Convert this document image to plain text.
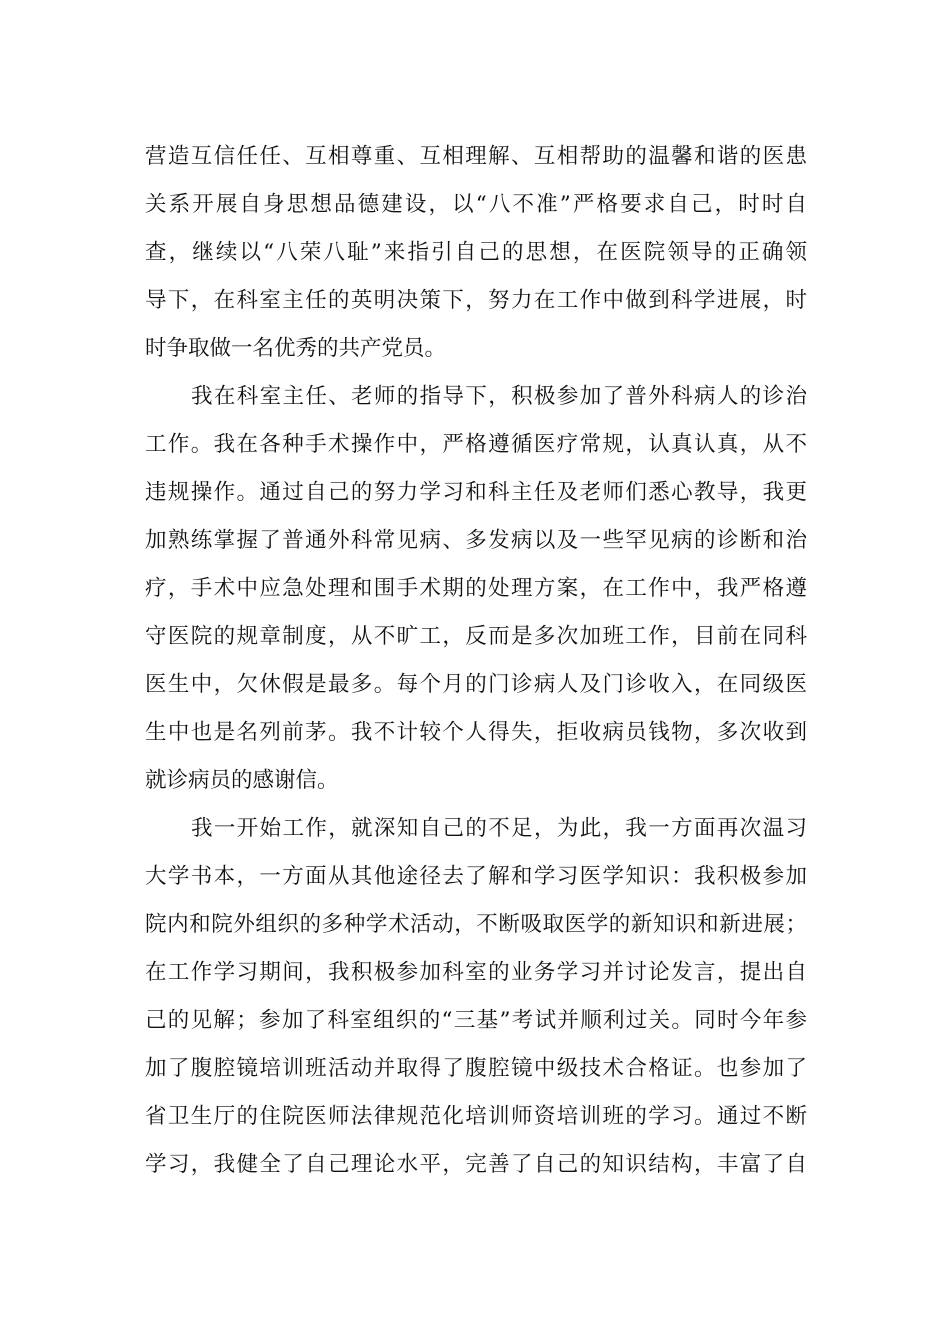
营造互信任任、互相尊重、互相理解、互相帮助的温馨和谐的医患
关系开展自身思想品德建设，以“八不准”严格要求自己，时时自
查，继续以“八荣八耻”来指引自己的思想，在医院领导的正确领
导下，在科室主任的英明决策下，努力在工作中做到科学进展，时
时争取做一名优秀的共产党员。
我在科室主任、老师的指导下，积极参加了普外科病人的诊治
工作。我在各种手术操作中，严格遵循医疗常规，认真认真，从不
违规操作。通过自己的努力学习和科主任及老师们悉心教导，我更
加熟练掌握了普通外科常见病、多发病以及一些罕见病的诊断和治
疗，手术中应急处理和围手术期的处理方案，在工作中，我严格遵
守医院的规章制度，从不旷工，反而是多次加班工作，目前在同科
医生中，欠休假是最多。每个月的门诊病人及门诊收入，在同级医
生中也是名列前茅。我不计较个人得失，拒收病员钱物，多次收到
就诊病员的感谢信。
我一开始工作，就深知自己的不足，为此，我一方面再次温习
大学书本，一方面从其他途径去了解和学习医学知识：我积极参加
院内和院外组织的多种学术活动，不断吸取医学的新知识和新进展；
在工作学习期间，我积极参加科室的业务学习并讨论发言，提出自
己的见解；参加了科室组织的“三基”考试并顺利过关。同时今年参
加了腹腔镜培训班活动并取得了腹腔镜中级技术合格证。也参加了
省卫生厅的住院医师法律规范化培训师资培训班的学习。通过不断
学习，我健全了自己理论水平，完善了自己的知识结构，丰富了自
